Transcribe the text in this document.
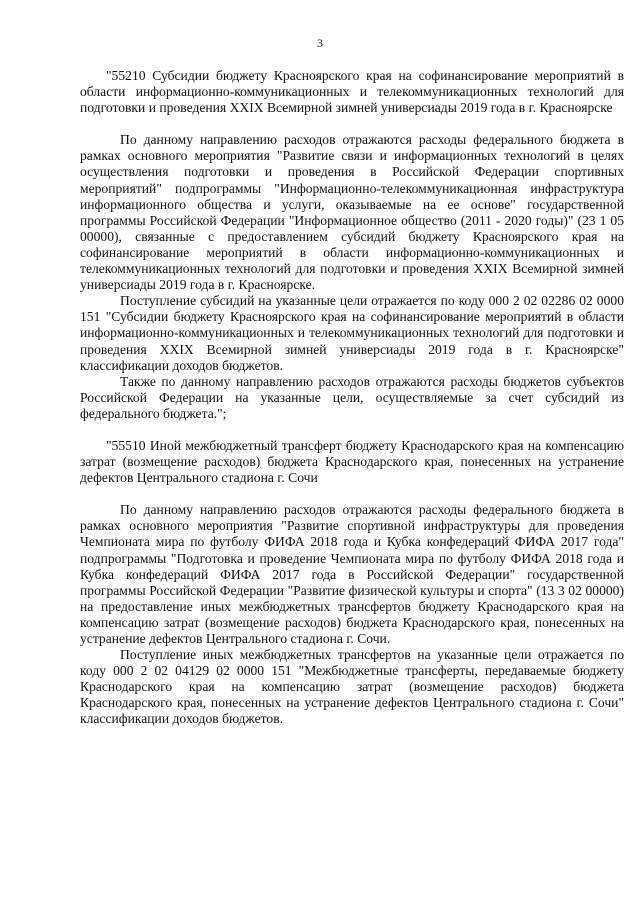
3

"55210 Субсидии бюджету Красноярского края на софинансирование мероприятий в области информационно-коммуникационных и телекоммуникационных технологий для подготовки и проведения XXIX Всемирной зимней универсиады 2019 года в г. Красноярске

По данному направлению расходов отражаются расходы федерального бюджета в рамках основного мероприятия "Развитие связи и информационных технологий в целях осуществления подготовки и проведения в Российской Федерации спортивных мероприятий" подпрограммы "Информационно-телекоммуникационная инфраструктура информационного общества и услуги, оказываемые на ее основе" государственной программы Российской Федерации "Информационное общество (2011 - 2020 годы)" (23 1 05 00000), связанные с предоставлением субсидий бюджету Красноярского края на софинансирование мероприятий в области информационно-коммуникационных и телекоммуникационных технологий для подготовки и проведения XXIX Всемирной зимней универсиады 2019 года в г. Красноярске.

Поступление субсидий на указанные цели отражается по коду 000 2 02 02286 02 0000 151 "Субсидии бюджету Красноярского края на софинансирование мероприятий в области информационно-коммуникационных и телекоммуникационных технологий для подготовки и проведения XXIX Всемирной зимней универсиады 2019 года в г. Красноярске" классификации доходов бюджетов.

Также по данному направлению расходов отражаются расходы бюджетов субъектов Российской Федерации на указанные цели, осуществляемые за счет субсидий из федерального бюджета.";

"55510 Иной межбюджетный трансферт бюджету Краснодарского края на компенсацию затрат (возмещение расходов) бюджета Краснодарского края, понесенных на устранение дефектов Центрального стадиона г. Сочи

По данному направлению расходов отражаются расходы федерального бюджета в рамках основного мероприятия "Развитие спортивной инфраструктуры для проведения Чемпионата мира по футболу ФИФА 2018 года и Кубка конфедераций ФИФА 2017 года" подпрограммы "Подготовка и проведение Чемпионата мира по футболу ФИФА 2018 года и Кубка конфедераций ФИФА 2017 года в Российской Федерации" государственной программы Российской Федерации "Развитие физической культуры и спорта" (13 3 02 00000) на предоставление иных межбюджетных трансфертов бюджету Краснодарского края на компенсацию затрат (возмещение расходов) бюджета Краснодарского края, понесенных на устранение дефектов Центрального стадиона г. Сочи.

Поступление иных межбюджетных трансфертов на указанные цели отражается по коду 000 2 02 04129 02 0000 151 "Межбюджетные трансферты, передаваемые бюджету Краснодарского края на компенсацию затрат (возмещение расходов) бюджета Краснодарского края, понесенных на устранение дефектов Центрального стадиона г. Сочи" классификации доходов бюджетов.
